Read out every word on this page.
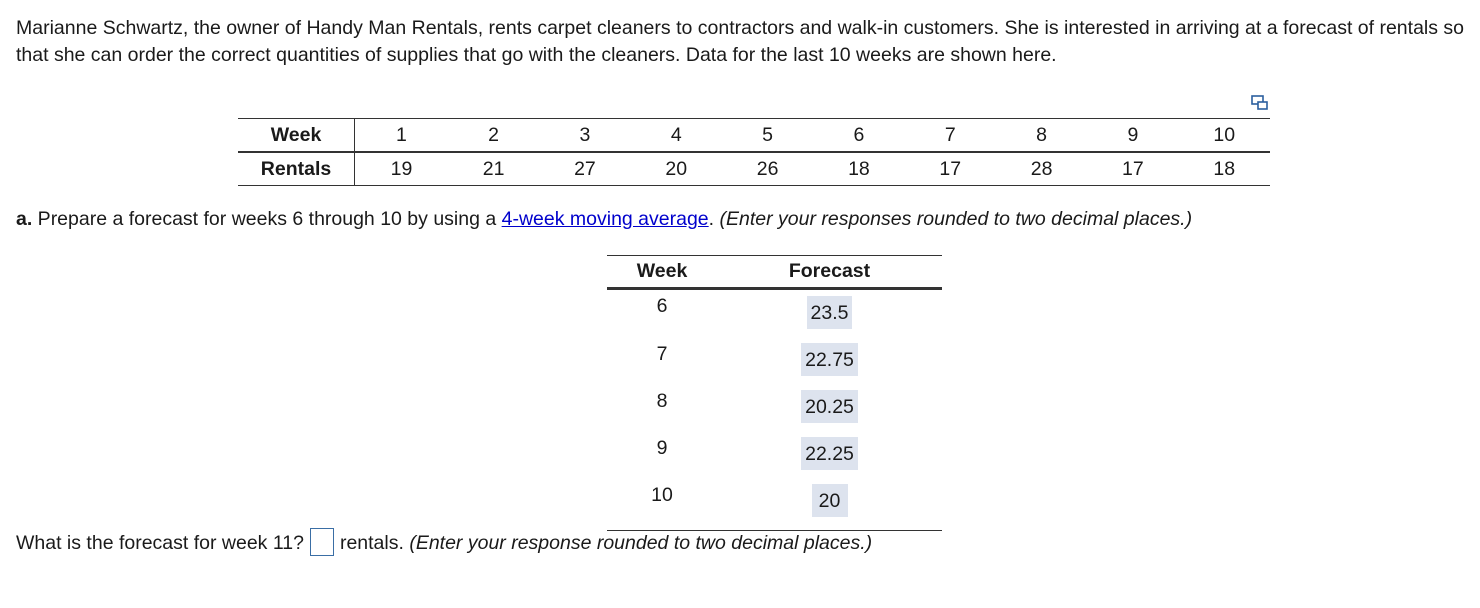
Marianne Schwartz, the owner of Handy Man Rentals, rents carpet cleaners to contractors and walk-in customers. She is interested in arriving at a forecast of rentals so that she can order the correct quantities of supplies that go with the cleaners. Data for the last 10 weeks are shown here.

Week	1	2	3	4	5	6	7	8	9	10
Rentals	19	21	27	20	26	18	17	28	17	18

a. Prepare a forecast for weeks 6 through 10 by using a 4-week moving average. (Enter your responses rounded to two decimal places.)

Week	Forecast
6	23.5
7	22.75
8	20.25
9	22.25
10	20

What is the forecast for week 11? rentals. (Enter your response rounded to two decimal places.)
